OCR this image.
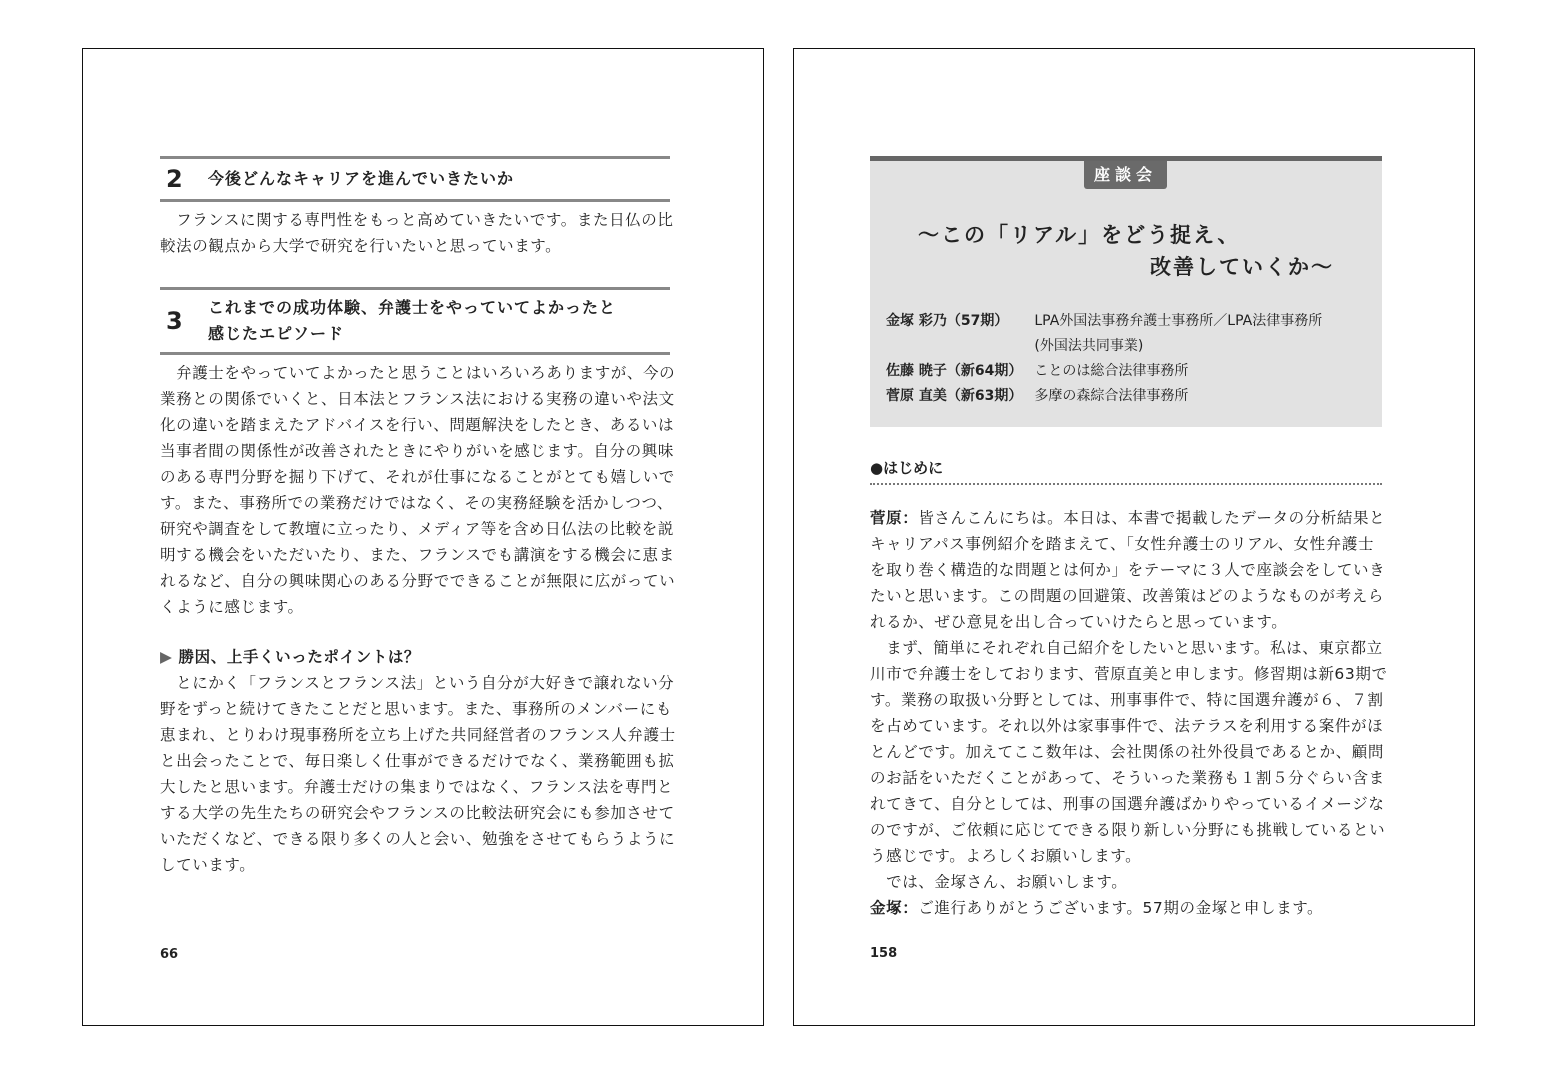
2	今後どんなキャリアを進んでいきたいか
　フランスに関する専門性をもっと高めていきたいです。また日仏の比
較法の観点から大学で研究を行いたいと思っています。
3	これまでの成功体験、弁護士をやっていてよかったと
感じたエピソード
　弁護士をやっていてよかったと思うことはいろいろありますが、今の
業務との関係でいくと、日本法とフランス法における実務の違いや法文
化の違いを踏まえたアドバイスを行い、問題解決をしたとき、あるいは
当事者間の関係性が改善されたときにやりがいを感じます。自分の興味
のある専門分野を掘り下げて、それが仕事になることがとても嬉しいで
す。また、事務所での業務だけではなく、その実務経験を活かしつつ、
研究や調査をして教壇に立ったり、メディア等を含め日仏法の比較を説
明する機会をいただいたり、また、フランスでも講演をする機会に恵ま
れるなど、自分の興味関心のある分野でできることが無限に広がってい
くように感じます。
▶ 勝因、上手くいったポイントは？
　とにかく「フランスとフランス法」という自分が大好きで譲れない分
野をずっと続けてきたことだと思います。また、事務所のメンバーにも
恵まれ、とりわけ現事務所を立ち上げた共同経営者のフランス人弁護士
と出会ったことで、毎日楽しく仕事ができるだけでなく、業務範囲も拡
大したと思います。弁護士だけの集まりではなく、フランス法を専門と
する大学の先生たちの研究会やフランスの比較法研究会にも参加させて
いただくなど、できる限り多くの人と会い、勉強をさせてもらうように
しています。
66
座談会
～この「リアル」をどう捉え、
改善していくか～
金塚 彩乃（57期）	LPA外国法事務弁護士事務所／LPA法律事務所
(外国法共同事業)
佐藤 暁子（新64期） ことのは総合法律事務所
菅原 直美（新63期） 多摩の森綜合法律事務所
●はじめに
菅原：皆さんこんにちは。本日は、本書で掲載したデータの分析結果と
キャリアパス事例紹介を踏まえて、「女性弁護士のリアル、女性弁護士
を取り巻く構造的な問題とは何か」をテーマに３人で座談会をしていき
たいと思います。この問題の回避策、改善策はどのようなものが考えら
れるか、ぜひ意見を出し合っていけたらと思っています。
　まず、簡単にそれぞれ自己紹介をしたいと思います。私は、東京都立
川市で弁護士をしております、菅原直美と申します。修習期は新63期で
す。業務の取扱い分野としては、刑事事件で、特に国選弁護が６、７割
を占めています。それ以外は家事事件で、法テラスを利用する案件がほ
とんどです。加えてここ数年は、会社関係の社外役員であるとか、顧問
のお話をいただくことがあって、そういった業務も１割５分ぐらい含ま
れてきて、自分としては、刑事の国選弁護ばかりやっているイメージな
のですが、ご依頼に応じてできる限り新しい分野にも挑戦しているとい
う感じです。よろしくお願いします。
　では、金塚さん、お願いします。
金塚：ご進行ありがとうございます。57期の金塚と申します。
158
